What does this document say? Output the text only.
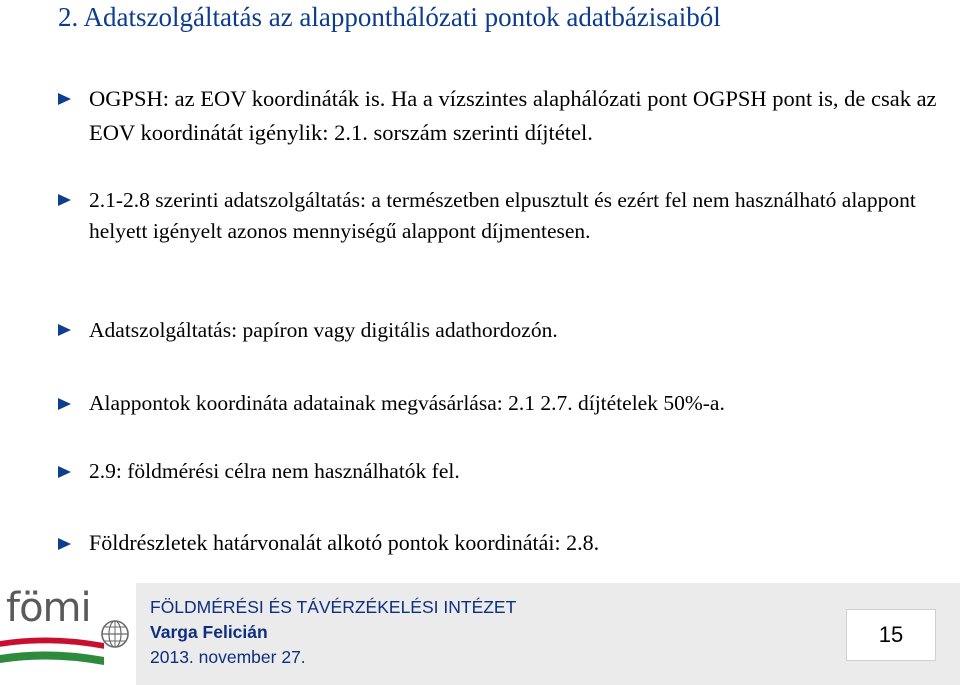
2. Adatszolgáltatás az alapponthálózati pontok adatbázisaiból
OGPSH: az EOV koordináták is. Ha a vízszintes alaphálózati pont OGPSH pont is, de csak az EOV koordinátát igénylik: 2.1. sorszám szerinti díjtétel.
2.1-2.8 szerinti adatszolgáltatás: a természetben elpusztult és ezért fel nem használható alappont helyett igényelt azonos mennyiségű alappont díjmentesen.
Adatszolgáltatás: papíron vagy digitális adathordozón.
Alappontok koordináta adatainak megvásárlása: 2.1 2.7. díjtételek 50%-a.
2.9: földmérési célra nem használhatók fel.
Földrészletek határvonalát alkotó pontok koordinátái: 2.8.
fömi	FÖLDMÉRÉSI ÉS TÁVÉRZÉKELÉSI INTÉZET
Varga Felicián
2013. november 27.
15
